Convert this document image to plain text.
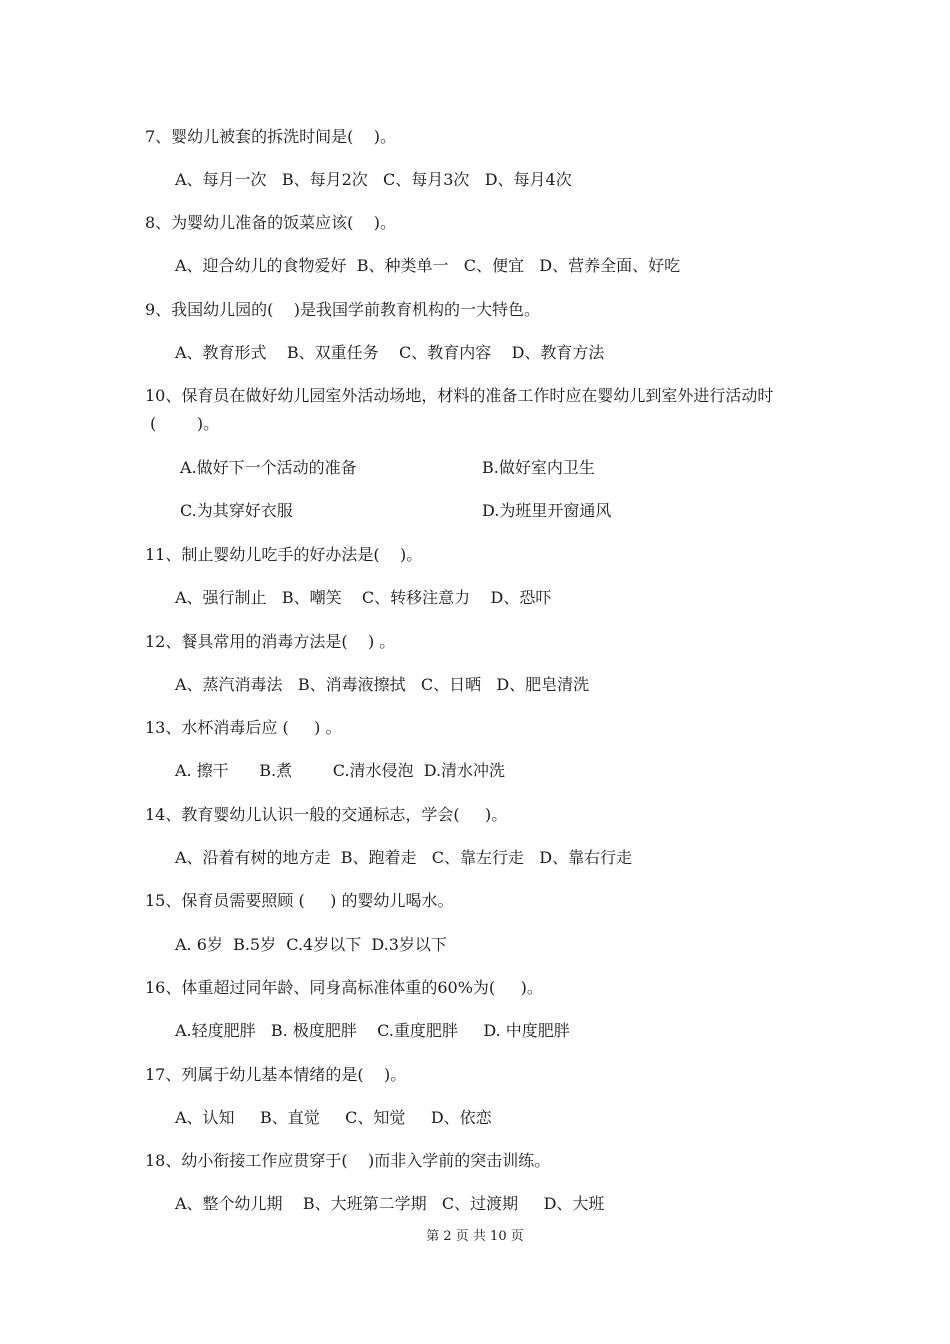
7、婴幼儿被套的拆洗时间是(    )。
A、每月一次   B、每月2次   C、每月3次   D、每月4次
8、为婴幼儿准备的饭菜应该(    )。
A、迎合幼儿的食物爱好  B、种类单一   C、便宜   D、营养全面、好吃
9、我国幼儿园的(    )是我国学前教育机构的一大特色。
A、教育形式    B、双重任务    C、教育内容    D、教育方法
10、保育员在做好幼儿园室外活动场地，材料的准备工作时应在婴幼儿到室外进行活动时
(        )。
A.做好下一个活动的准备	B.做好室内卫生
C.为其穿好衣服	D.为班里开窗通风
11、制止婴幼儿吃手的好办法是(    )。
A、强行制止   B、嘲笑    C、转移注意力    D、恐吓
12、餐具常用的消毒方法是(    ) 。
A、蒸汽消毒法   B、消毒液擦拭   C、日晒   D、肥皂清洗
13、水杯消毒后应 (     ) 。
A. 擦干      B.煮        C.清水侵泡  D.清水冲洗
14、教育婴幼儿认识一般的交通标志，学会(     )。
A、沿着有树的地方走  B、跑着走   C、靠左行走   D、靠右行走
15、保育员需要照顾 (     ) 的婴幼儿喝水。
A. 6岁  B.5岁  C.4岁以下  D.3岁以下
16、体重超过同年龄、同身高标准体重的60%为(     )。
A.轻度肥胖   B. 极度肥胖    C.重度肥胖     D. 中度肥胖
17、列属于幼儿基本情绪的是(    )。
A、认知     B、直觉     C、知觉     D、依恋
18、幼小衔接工作应贯穿于(    )而非入学前的突击训练。
A、整个幼儿期    B、大班第二学期   C、过渡期     D、大班
第 2 页 共 10 页
